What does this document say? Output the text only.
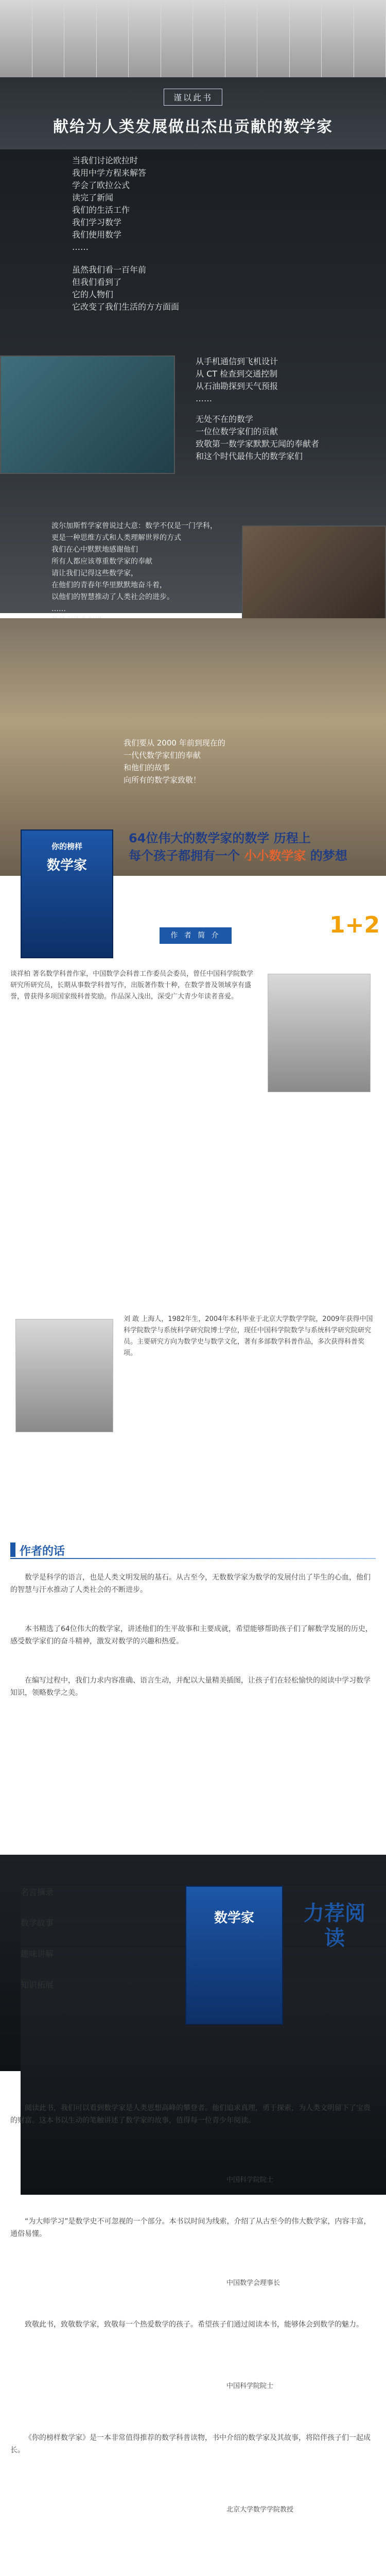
谨以此书
献给为人类发展做出杰出贡献的数学家

当我们讨论欧拉时

我用中学方程来解答

学会了欧拉公式

读完了新闻

我们的生活工作

我们学习数学

我们使用数学

……

虽然我们看一百年前

但我们看到了

它的人物们

它改变了我们生活的方方面面

从手机通信到飞机设计

从 CT 检查到交通控制

从石油勘探到天气预报

……

无处不在的数学

一位位数学家们的贡献

致敬第一数学家默默无闻的奉献者

和这个时代最伟大的数学家们

波尔加斯哲学家曾说过大意：数学不仅是一门学科，

更是一种思维方式和人类理解世界的方式

我们在心中默默地感谢他们

所有人都应该尊重数学家的奉献

请让我们记得这些数学家，

在他们的青春年华里默默地奋斗着，

以他们的智慧推动了人类社会的进步。

……

我们要从 2000 年前到现在的

一代代数学家们的奉献

和他们的故事

向所有的数学家致敬！

你的榜样
数学家
64位伟大的数学家的数学 历程上
每个孩子都拥有一个 小小数学家 的梦想
作 者 简 介	1+2
谈祥柏 著名数学科普作家，中国数学会科普工作委员会委员，曾任中国科学院数学研究所研究员，长期从事数学科普写作，出版著作数十种，在数学普及领域享有盛誉，曾获得多项国家级科普奖励。作品深入浅出，深受广大青少年读者喜爱。
刘 敢 上海人，1982年生，2004年本科毕业于北京大学数学学院，2009年获得中国科学院数学与系统科学研究院博士学位，现任中国科学院数学与系统科学研究院研究员。主要研究方向为数学史与数学文化，著有多部数学科普作品，多次获得科普奖项。
作者的话
数学是科学的语言，也是人类文明发展的基石。从古至今，无数数学家为数学的发展付出了毕生的心血，他们的智慧与汗水推动了人类社会的不断进步。
本书精选了64位伟大的数学家，讲述他们的生平故事和主要成就，希望能够帮助孩子们了解数学发展的历史，感受数学家们的奋斗精神，激发对数学的兴趣和热爱。
在编写过程中，我们力求内容准确、语言生动，并配以大量精美插图，让孩子们在轻松愉快的阅读中学习数学知识，领略数学之美。
名言摘录
数学故事
趣味讲解
知识拓展
数学家	力荐阅读
阅读此书，我们可以看到数学家是人类思想高峰的攀登者。他们追求真理，勇于探索，为人类文明留下了宝贵的财富。这本书以生动的笔触讲述了数学家的故事，值得每一位青少年阅读。
中国科学院院士
“为大师学习”是数学史不可忽视的一个部分。本书以时间为线索，介绍了从古至今的伟大数学家，内容丰富，通俗易懂。
中国数学会理事长
致敬此书，致敬数学家，致敬每一个热爱数学的孩子。希望孩子们通过阅读本书，能够体会到数学的魅力。
中国科学院院士
《你的榜样数学家》是一本非常值得推荐的数学科普读物，书中介绍的数学家及其故事，将陪伴孩子们一起成长。
北京大学数学学院教授
